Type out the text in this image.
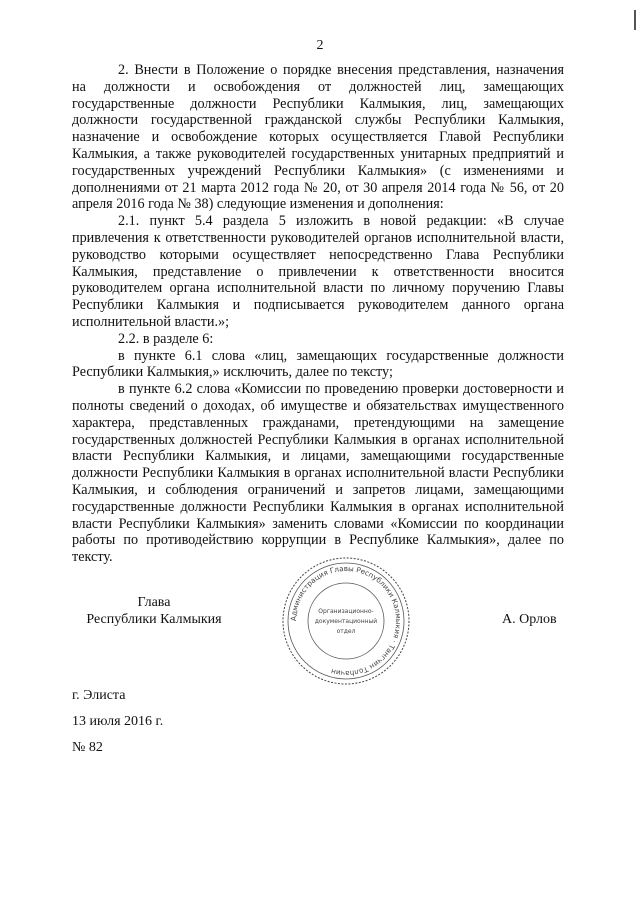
2

2. Внести в Положение о порядке внесения представления, назначения на должности и освобождения от должностей лиц, замещающих государственные должности Республики Калмыкия, лиц, замещающих должности государственной гражданской службы Республики Калмыкия, назначение и освобождение которых осуществляется Главой Республики Калмыкия, а также руководителей государственных унитарных предприятий и государственных учреждений Республики Калмыкия» (с изменениями и дополнениями от 21 марта 2012 года № 20, от 30 апреля 2014 года № 56, от 20 апреля 2016 года № 38) следующие изменения и дополнения:

2.1. пункт 5.4 раздела 5 изложить в новой редакции: «В случае привлечения к ответственности руководителей органов исполнительной власти, руководство которыми осуществляет непосредственно Глава Республики Калмыкия, представление о привлечении к ответственности вносится руководителем органа исполнительной власти по личному поручению Главы Республики Калмыкия и подписывается руководителем данного органа исполнительной власти.»;

2.2. в разделе 6:

в пункте 6.1 слова «лиц, замещающих государственные должности Республики Калмыкия,» исключить, далее по тексту;

в пункте 6.2 слова «Комиссии по проведению проверки достоверности и полноты сведений о доходах, об имуществе и обязательствах имущественного характера, представленных гражданами, претендующими на замещение государственных должностей Республики Калмыкия в органах исполнительной власти Республики Калмыкия, и лицами, замещающими государственные должности Республики Калмыкия в органах исполнительной власти Республики Калмыкия, и соблюдения ограничений и запретов лицами, замещающими государственные должности Республики Калмыкия в органах исполнительной власти Республики Калмыкия» заменить словами «Комиссии по координации работы по противодействию коррупции в Республике Калмыкия», далее по тексту.

Глава
Республики Калмыкия	Администрация Главы Республики Калмыкия · Тангчин Толһачин
Организационно-
документационный
отдел
А. Орлов
г. Элиста
13 июля 2016 г.
№ 82
